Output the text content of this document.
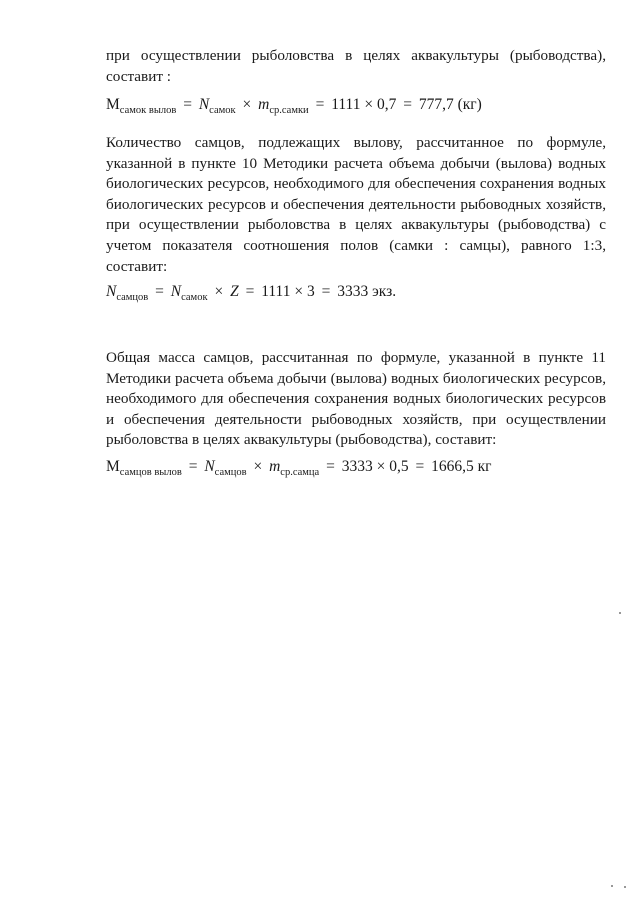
при осуществлении рыболовства в целях аквакультуры (рыбоводства), составит :

$М_{самок вылов} = N_{самок} \times m_{ср.самки} = 1111 \times 0,7 = 777,7$ (кг)

Количество самцов, подлежащих вылову, рассчитанное по формуле, указанной в пункте 10 Методики расчета объема добычи (вылова) водных биологических ресурсов, необходимого для обеспечения сохранения водных биологических ресурсов и обеспечения деятельности рыбоводных хозяйств, при осуществлении рыболовства в целях аквакультуры (рыбоводства) с учетом показателя соотношения полов (самки : самцы), равного 1:3, составит:

$N_{самцов} = N_{самок} \times Z = 1111 \times 3 = 3333$ экз.

Общая масса самцов, рассчитанная по формуле, указанной в пункте 11 Методики расчета объема добычи (вылова) водных биологических ресурсов, необходимого для обеспечения сохранения водных биологических ресурсов и обеспечения деятельности рыбоводных хозяйств, при осуществлении рыболовства в целях аквакультуры (рыбоводства), составит:

$М_{самцов вылов} = N_{самцов} \times m_{ср.самца} = 3333 \times 0,5 = 1666,5$ кг
